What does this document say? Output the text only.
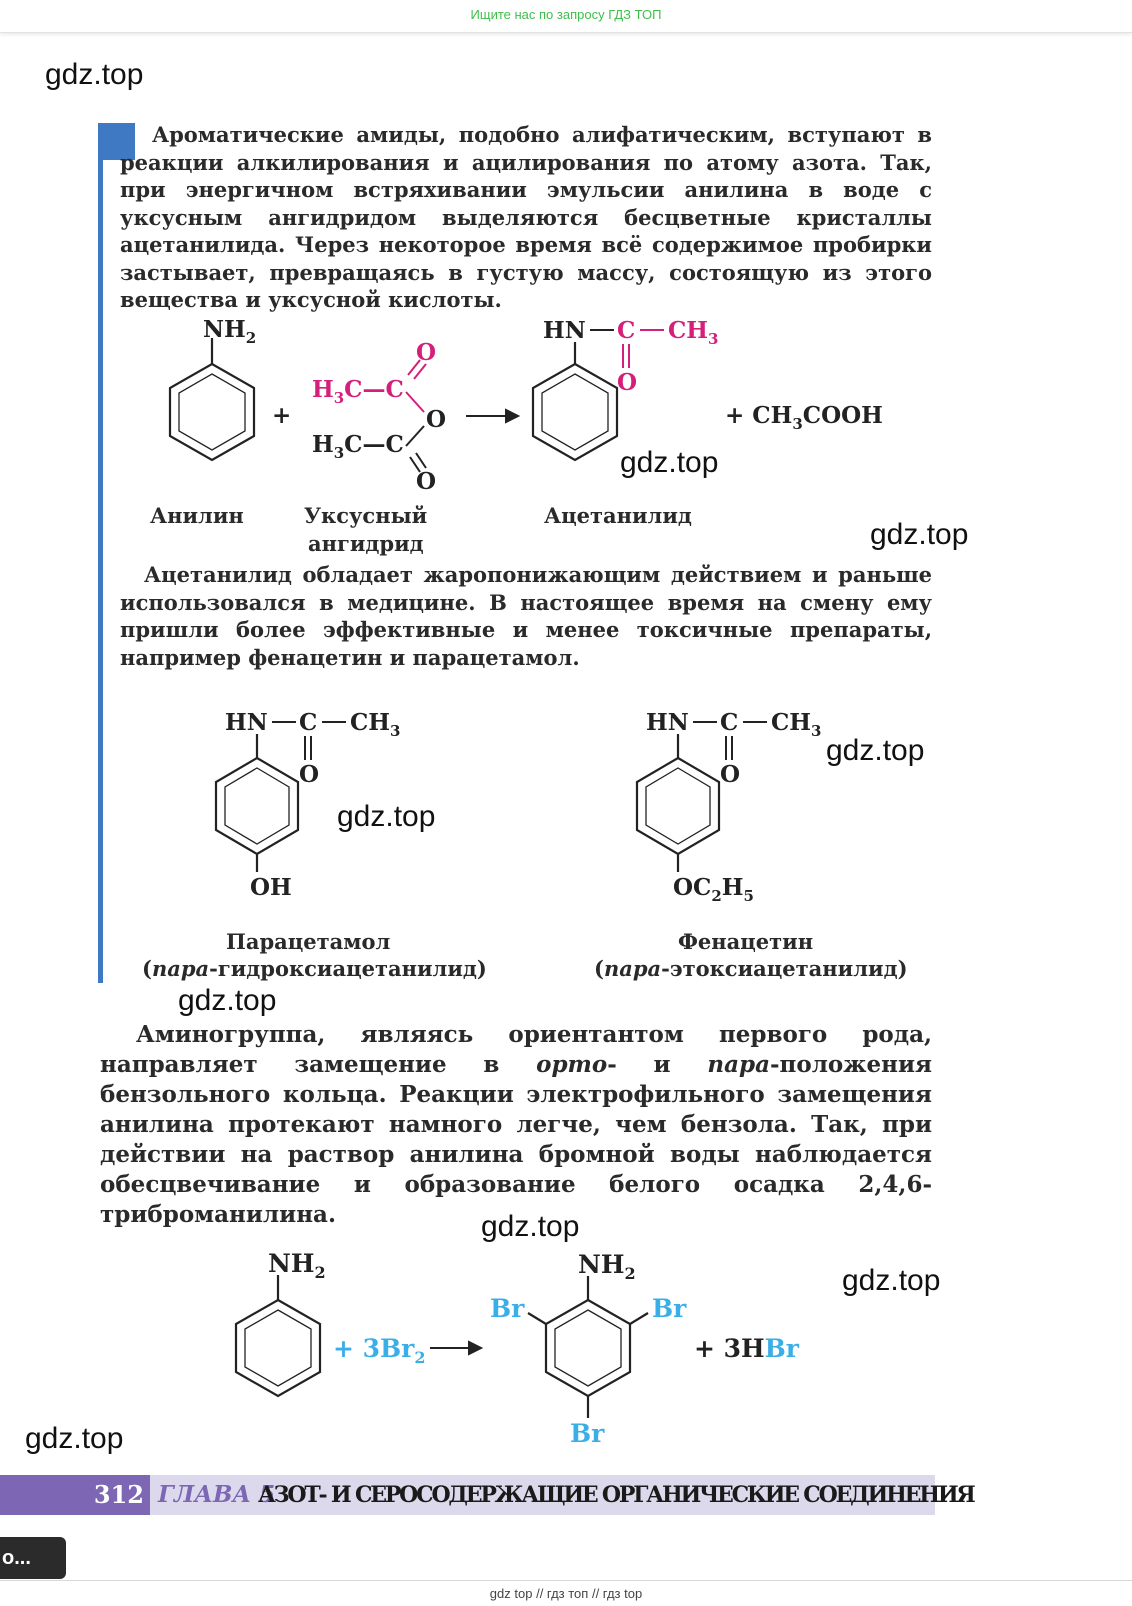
Ищите нас по запросу ГДЗ ТОП
gdz.top
gdz.top
gdz.top
gdz.top
gdz.top
gdz.top
gdz.top
gdz.top
gdz.top
Ароматические амиды, подобно алифатическим, вступают в реакции алкилирования и ацилирования по атому азота. Так, при энергичном встряхивании эмульсии анилина в воде с уксусным ангидридом выделяются бесцветные кристаллы ацетанилида. Через некоторое время всё содержимое пробирки застывает, превращаясь в густую массу, состоящую из этого вещества и уксусной кислоты.
$NH_2$
+
$H_3C—C$
$H_3C—C$
O
O
O
HN C $CH_3$
O
+ $CH_3COOH$
Анилин	Уксусный
ангидрид
Ацетанилид
Ацетанилид обладает жаропонижающим действием и раньше использовался в медицине. В настоящее время на смену ему пришли более эффективные и менее токсичные препараты, например фенацетин и парацетамол.
HN C $CH_3$
O
OH
HN C $CH_3$
O
$OC_2H_5$
Парацетамол
(пара-гидроксиацетанилид)
Фенацетин
(пара-этоксиацетанилид)
Аминогруппа, являясь ориентантом первого рода, направляет замещение в орто- и пара-положения бензольного кольца. Реакции электрофильного замещения анилина протекают намного легче, чем бензола. Так, при действии на раствор анилина бромной воды наблюдается обесцвечивание и образование белого осадка 2,4,6-триброманилина.
$NH_2$
+ $3Br_2$
$NH_2$
Br	Br
Br
+ 3HBr
312 ГЛАВА 5
АЗОТ- И СЕРОСОДЕРЖАЩИЕ ОРГАНИЧЕСКИЕ СОЕДИНЕНИЯ
о...
gdz top // гдз топ // гдз top
